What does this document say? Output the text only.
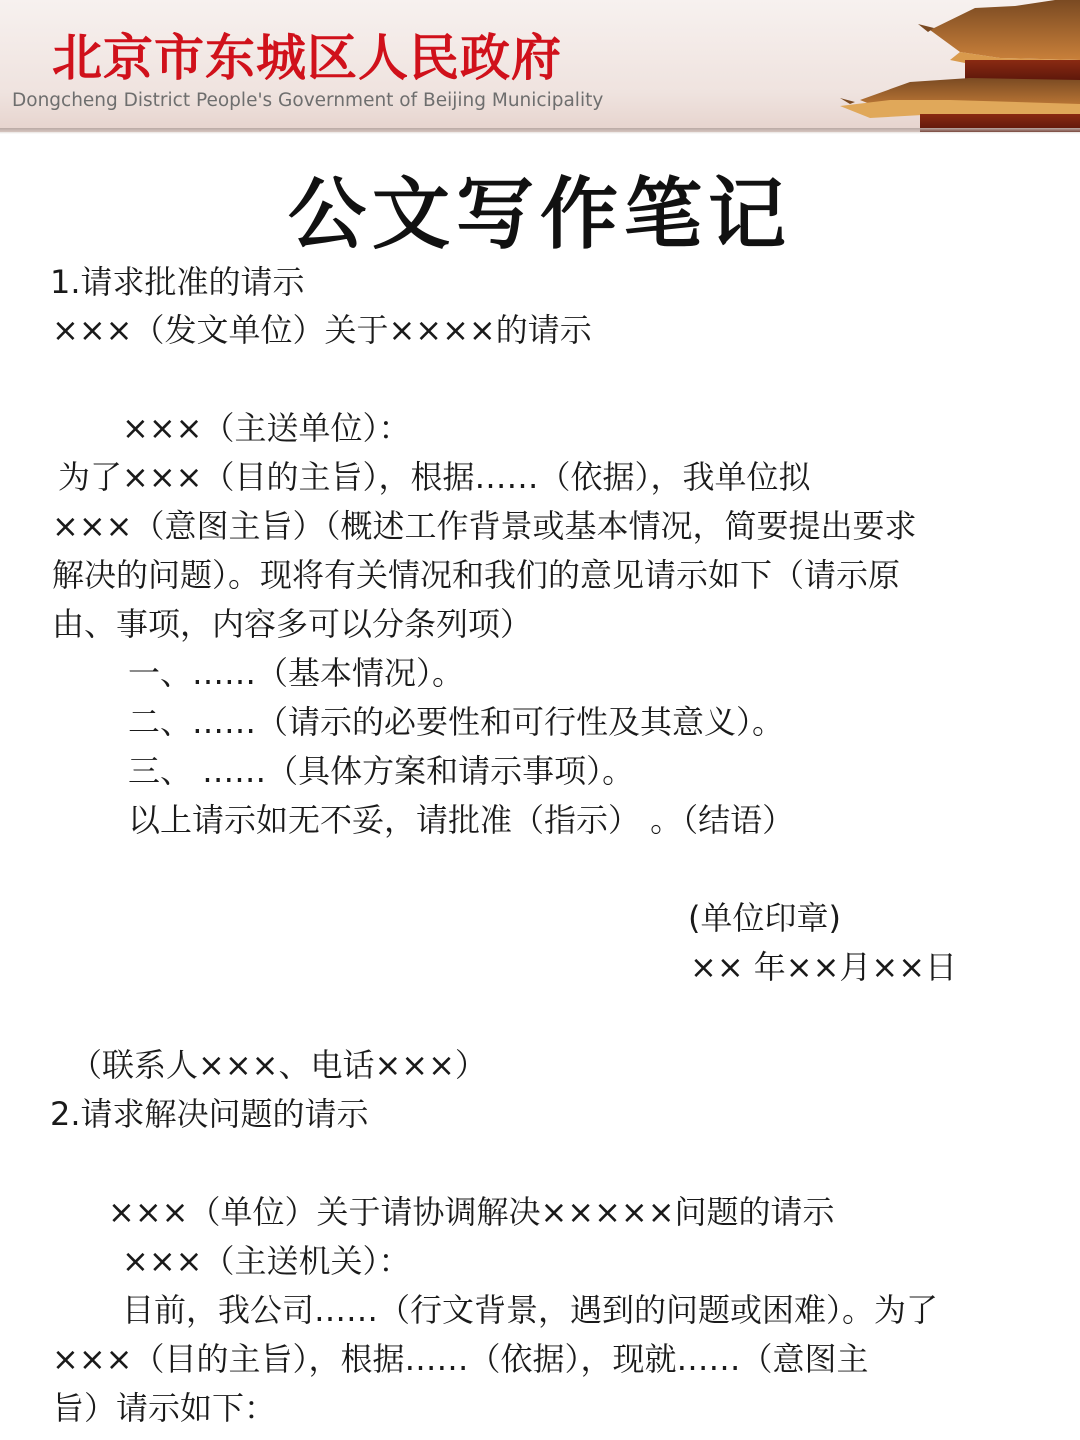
北京市东城区人民政府
Dongcheng District People's Government of Beijing Municipality
公文写作笔记
1.请求批准的请示
×××（发文单位）关于××××的请示
×××（主送单位）：
为了×××（目的主旨），根据……（依据），我单位拟
×××（意图主旨）（概述工作背景或基本情况，简要提出要求
解决的问题）。现将有关情况和我们的意见请示如下（请示原
由、事项，内容多可以分条列项）
一、……（基本情况）。
二、……（请示的必要性和可行性及其意义）。
三、 ……（具体方案和请示事项）。
以上请示如无不妥，请批准（指示） 。（结语）
(单位印章)
×× 年××月××日
（联系人×××、电话×××）
2.请求解决问题的请示
×××（单位）关于请协调解决×××××问题的请示
×××（主送机关）：
目前，我公司……（行文背景，遇到的问题或困难）。为了
×××（目的主旨），根据……（依据），现就……（意图主
旨）请示如下：
